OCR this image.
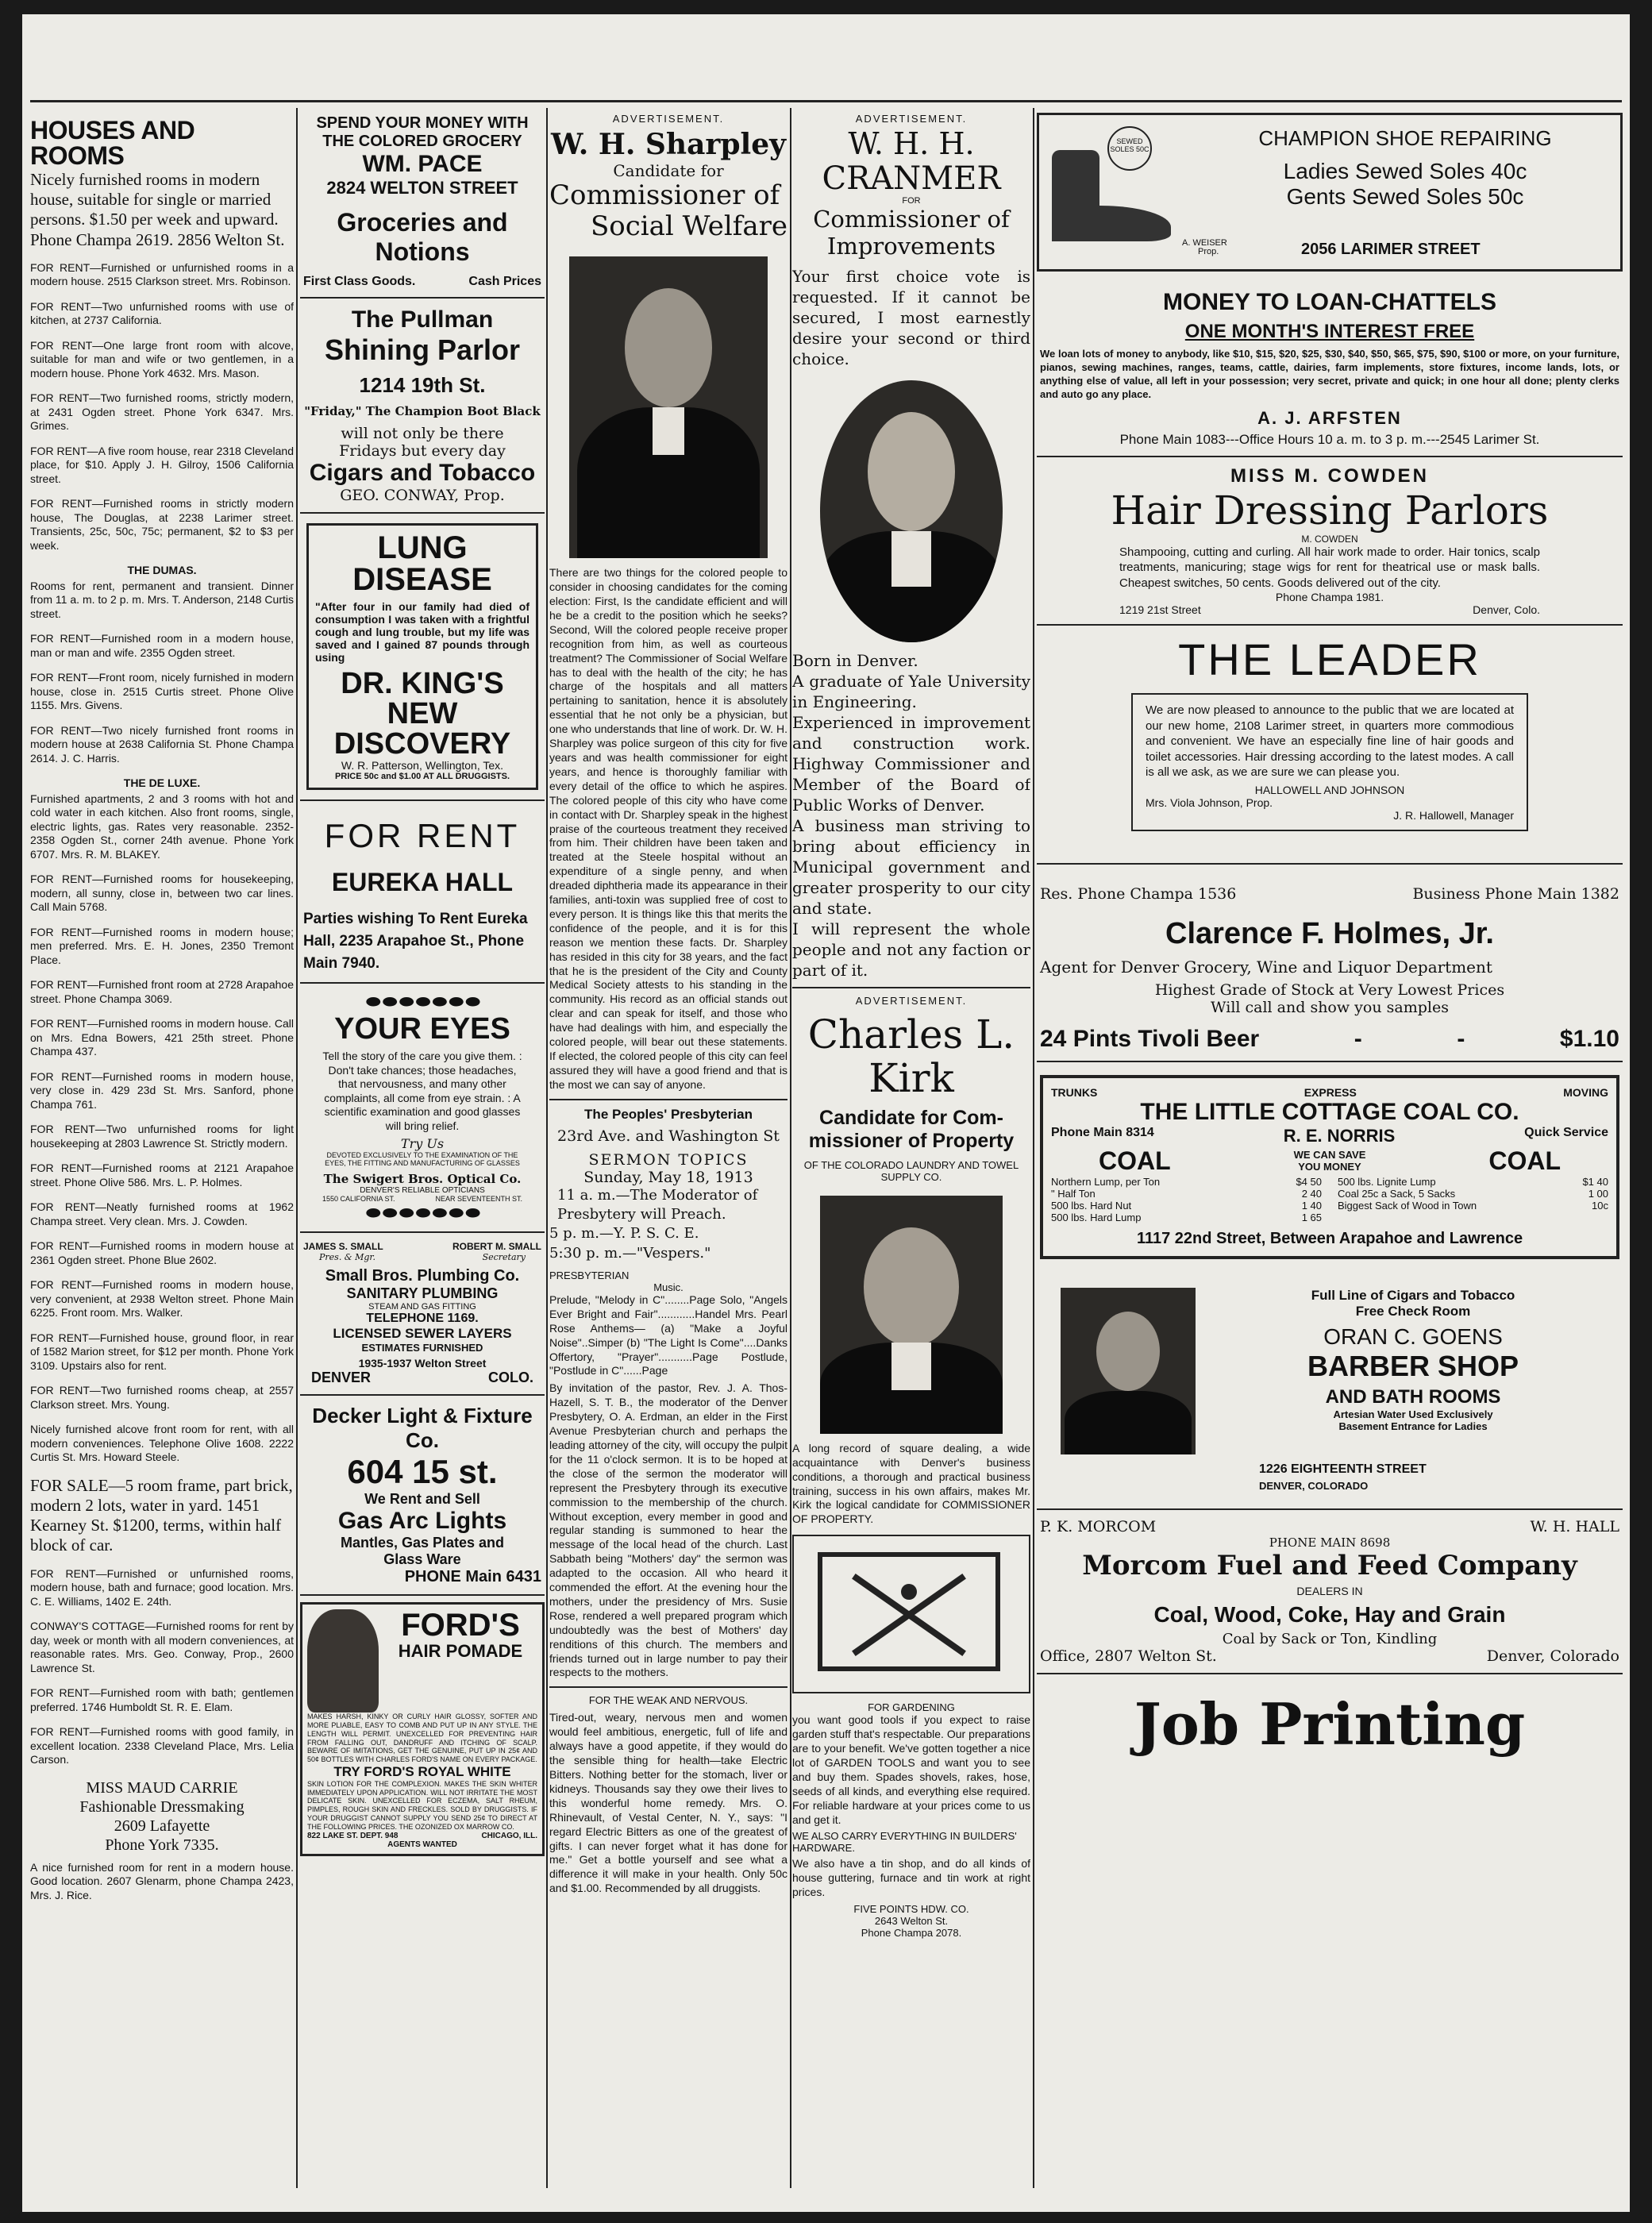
HOUSES AND ROOMS
Nicely furnished rooms in modern house, suitable for single or married persons. $1.50 per week and upward. Phone Champa 2619. 2856 Welton St.
FOR RENT—Furnished or unfurnished rooms in a modern house. 2515 Clarkson street. Mrs. Robinson.
FOR RENT—Two unfurnished rooms with use of kitchen, at 2737 California.
FOR RENT—One large front room with alcove, suitable for man and wife or two gentlemen, in a modern house. Phone York 4632. Mrs. Mason.
FOR RENT—Two furnished rooms, strictly modern, at 2431 Ogden street. Phone York 6347. Mrs. Grimes.
FOR RENT—A five room house, rear 2318 Cleveland place, for $10. Apply J. H. Gilroy, 1506 California street.
FOR RENT—Furnished rooms in strictly modern house, The Douglas, at 2238 Larimer street. Transients, 25c, 50c, 75c; permanent, $2 to $3 per week.
THE DUMAS.
Rooms for rent, permanent and transient. Dinner from 11 a. m. to 2 p. m. Mrs. T. Anderson, 2148 Curtis street.
FOR RENT—Furnished room in a modern house, man or man and wife. 2355 Ogden street.
FOR RENT—Front room, nicely furnished in modern house, close in. 2515 Curtis street. Phone Olive 1155. Mrs. Givens.
FOR RENT—Two nicely furnished front rooms in modern house at 2638 California St. Phone Champa 2614. J. C. Harris.
THE DE LUXE.
Furnished apartments, 2 and 3 rooms with hot and cold water in each kitchen. Also front rooms, single, electric lights, gas. Rates very reasonable. 2352-2358 Ogden St., corner 24th avenue. Phone York 6707. Mrs. R. M. BLAKEY.
FOR RENT—Furnished rooms for housekeeping, modern, all sunny, close in, between two car lines. Call Main 5768.
FOR RENT—Furnished rooms in modern house; men preferred. Mrs. E. H. Jones, 2350 Tremont Place.
FOR RENT—Furnished front room at 2728 Arapahoe street. Phone Champa 3069.
FOR RENT—Furnished rooms in modern house. Call on Mrs. Edna Bowers, 421 25th street. Phone Champa 437.
FOR RENT—Furnished rooms in modern house, very close in. 429 23d St. Mrs. Sanford, phone Champa 761.
FOR RENT—Two unfurnished rooms for light housekeeping at 2803 Lawrence St. Strictly modern.
FOR RENT—Furnished rooms at 2121 Arapahoe street. Phone Olive 586. Mrs. L. P. Holmes.
FOR RENT—Neatly furnished rooms at 1962 Champa street. Very clean. Mrs. J. Cowden.
FOR RENT—Furnished rooms in modern house at 2361 Ogden street. Phone Blue 2602.
FOR RENT—Furnished rooms in modern house, very convenient, at 2938 Welton street. Phone Main 6225. Front room. Mrs. Walker.
FOR RENT—Furnished house, ground floor, in rear of 1582 Marion street, for $12 per month. Phone York 3109. Upstairs also for rent.
FOR RENT—Two furnished rooms cheap, at 2557 Clarkson street. Mrs. Young.
Nicely furnished alcove front room for rent, with all modern conveniences. Telephone Olive 1608. 2222 Curtis St. Mrs. Howard Steele.
FOR SALE—5 room frame, part brick, modern 2 lots, water in yard. 1451 Kearney St. $1200, terms, within half block of car.
FOR RENT—Furnished or unfurnished rooms, modern house, bath and furnace; good location. Mrs. C. E. Williams, 1402 E. 24th.
CONWAY'S COTTAGE—Furnished rooms for rent by day, week or month with all modern conveniences, at reasonable rates. Mrs. Geo. Conway, Prop., 2600 Lawrence St.
FOR RENT—Furnished room with bath; gentlemen preferred. 1746 Humboldt St. R. E. Elam.
FOR RENT—Furnished rooms with good family, in excellent location. 2338 Cleveland Place, Mrs. Lelia Carson.
MISS MAUD CARRIE
Fashionable Dressmaking
2609 Lafayette
Phone York 7335.
A nice furnished room for rent in a modern house. Good location. 2607 Glenarm, phone Champa 2423, Mrs. J. Rice.
SPEND YOUR MONEY WITH
THE COLORED GROCERY
WM. PACE
2824 WELTON STREET
Groceries and
Notions
First Class Goods.	Cash Prices
The Pullman
Shining Parlor
1214 19th St.
"Friday," The Champion Boot Black
will not only be there
Fridays but every day
Cigars and Tobacco
GEO. CONWAY, Prop.
LUNG DISEASE
"After four in our family had died of consumption I was taken with a frightful cough and lung trouble, but my life was saved and I gained 87 pounds through using
DR. KING'S
NEW
DISCOVERY
W. R. Patterson, Wellington, Tex.
PRICE 50c and $1.00 AT ALL DRUGGISTS.
FOR RENT
EUREKA HALL
Parties wishing To Rent Eureka Hall, 2235 Arapahoe St., Phone Main 7940.
⬬ ⬬ ⬬ ⬬ ⬬ ⬬ ⬬
YOUR EYES
Tell the story of the care you give them. : Don't take chances; those headaches, that nervousness, and many other complaints, all come from eye strain. : A scientific examination and good glasses will bring relief.
Try Us
DEVOTED EXCLUSIVELY TO THE EXAMINATION OF THE EYES, THE FITTING AND MANUFACTURING OF GLASSES
The Swigert Bros. Optical Co.
DENVER'S RELIABLE OPTICIANS
1550 CALIFORNIA ST.	NEAR SEVENTEENTH ST.
⬬ ⬬ ⬬ ⬬ ⬬ ⬬ ⬬
JAMES S. SMALL	ROBERT M. SMALL
Pres. & Mgr.	Secretary
Small Bros. Plumbing Co.
SANITARY PLUMBING
STEAM AND GAS FITTING
TELEPHONE 1169.
LICENSED SEWER LAYERS
ESTIMATES FURNISHED
1935-1937 Welton Street
DENVER	COLO.
Decker Light & Fixture
Co.
604 15 st.
We Rent and Sell
Gas Arc Lights
Mantles, Gas Plates and
Glass Ware
PHONE Main 6431
FORD'S
HAIR POMADE
MAKES HARSH, KINKY OR CURLY HAIR GLOSSY, SOFTER AND MORE PLIABLE, EASY TO COMB AND PUT UP IN ANY STYLE. THE LENGTH WILL PERMIT. UNEXCELLED FOR PREVENTING HAIR FROM FALLING OUT, DANDRUFF AND ITCHING OF SCALP. BEWARE OF IMITATIONS, GET THE GENUINE, PUT UP IN 25¢ AND 50¢ BOTTLES WITH CHARLES FORD'S NAME ON EVERY PACKAGE.
TRY FORD'S ROYAL WHITE
SKIN LOTION FOR THE COMPLEXION. MAKES THE SKIN WHITER IMMEDIATELY UPON APPLICATION. WILL NOT IRRITATE THE MOST DELICATE SKIN. UNEXCELLED FOR ECZEMA, SALT RHEUM, PIMPLES, ROUGH SKIN AND FRECKLES. SOLD BY DRUGGISTS. IF YOUR DRUGGIST CANNOT SUPPLY YOU SEND 25¢ TO DIRECT AT THE FOLLOWING PRICES. THE OZONIZED OX MARROW CO.
822 LAKE ST. DEPT. 948	CHICAGO, ILL.
AGENTS WANTED
ADVERTISEMENT.
W. H. Sharpley
Candidate for
Commissioner of
Social Welfare
There are two things for the colored people to consider in choosing candidates for the coming election: First, Is the candidate efficient and will he be a credit to the position which he seeks? Second, Will the colored people receive proper recognition from him, as well as courteous treatment? The Commissioner of Social Welfare has to deal with the health of the city; he has charge of the hospitals and all matters pertaining to sanitation, hence it is absolutely essential that he not only be a physician, but one who understands that line of work. Dr. W. H. Sharpley was police surgeon of this city for five years and was health commissioner for eight years, and hence is thoroughly familiar with every detail of the office to which he aspires. The colored people of this city who have come in contact with Dr. Sharpley speak in the highest praise of the courteous treatment they received from him. Their children have been taken and treated at the Steele hospital without an expenditure of a single penny, and when dreaded diphtheria made its appearance in their families, anti-toxin was supplied free of cost to every person. It is things like this that merits the confidence of the people, and it is for this reason we mention these facts. Dr. Sharpley has resided in this city for 38 years, and the fact that he is the president of the City and County Medical Society attests to his standing in the community. His record as an official stands out clear and can speak for itself, and those who have had dealings with him, and especially the colored people, will bear out these statements. If elected, the colored people of this city can feel assured they will have a good friend and that is the most we can say of anyone.
The Peoples' Presbyterian
23rd Ave. and Washington St
SERMON TOPICS
Sunday, May 18, 1913
11 a. m.—The Moderator of Presbytery will Preach.
5 p. m.—Y. P. S. C. E.
5:30 p. m.—"Vespers."
PRESBYTERIAN
Music.
Prelude, "Melody in C"........Page Solo, "Angels Ever Bright and Fair"............Handel Mrs. Pearl Rose Anthems— (a) "Make a Joyful Noise"..Simper (b) "The Light Is Come"....Danks Offertory, "Prayer"...........Page Postlude, "Postlude in C"......Page
By invitation of the pastor, Rev. J. A. Thos-Hazell, S. T. B., the moderator of the Denver Presbytery, O. A. Erdman, an elder in the First Avenue Presbyterian church and perhaps the leading attorney of the city, will occupy the pulpit for the 11 o'clock sermon. It is to be hoped at the close of the sermon the moderator will represent the Presbytery through its executive commission to the membership of the church. Without exception, every member in good and regular standing is summoned to hear the message of the local head of the church. Last Sabbath being "Mothers' day" the sermon was adapted to the occasion. All who heard it commended the effort. At the evening hour the mothers, under the presidency of Mrs. Susie Rose, rendered a well prepared program which undoubtedly was the best of Mothers' day renditions of this church. The members and friends turned out in large number to pay their respects to the mothers.
FOR THE WEAK AND NERVOUS.
Tired-out, weary, nervous men and women would feel ambitious, energetic, full of life and always have a good appetite, if they would do the sensible thing for health—take Electric Bitters. Nothing better for the stomach, liver or kidneys. Thousands say they owe their lives to this wonderful home remedy. Mrs. O. Rhinevault, of Vestal Center, N. Y., says: "I regard Electric Bitters as one of the greatest of gifts. I can never forget what it has done for me." Get a bottle yourself and see what a difference it will make in your health. Only 50c and $1.00. Recommended by all druggists.
ADVERTISEMENT.
W. H. H.
CRANMER
FOR
Commissioner of
Improvements
Your first choice vote is requested. If it cannot be secured, I most earnestly desire your second or third choice.

Born in Denver.

A graduate of Yale University in Engineering.

Experienced in improvement and construction work. Highway Commissioner and Member of the Board of Public Works of Denver.

A business man striving to bring about efficiency in Municipal government and greater prosperity to our city and state.

I will represent the whole people and not any faction or part of it.

ADVERTISEMENT.
Charles L.
Kirk
Candidate for Com-
missioner of Property
OF THE COLORADO LAUNDRY AND TOWEL SUPPLY CO.
A long record of square dealing, a wide acquaintance with Denver's business conditions, a thorough and practical business training, success in his own affairs, makes Mr. Kirk the logical candidate for COMMISSIONER OF PROPERTY.
FOR GARDENING
you want good tools if you expect to raise garden stuff that's respectable. Our preparations are to your benefit. We've gotten together a nice lot of GARDEN TOOLS and want you to see and buy them. Spades shovels, rakes, hose, seeds of all kinds, and everything else required. For reliable hardware at your prices come to us and get it.
WE ALSO CARRY EVERYTHING IN BUILDERS' HARDWARE.
We also have a tin shop, and do all kinds of house guttering, furnace and tin work at right prices.
FIVE POINTS HDW. CO.
2643 Welton St.
Phone Champa 2078.
SEWED SOLES 50C	CHAMPION SHOE REPAIRING
Ladies Sewed Soles 40c
Gents Sewed Soles 50c
A. WEISER
Prop.	2056 LARIMER STREET
MONEY TO LOAN-CHATTELS
ONE MONTH'S INTEREST FREE
We loan lots of money to anybody, like $10, $15, $20, $25, $30, $40, $50, $65, $75, $90, $100 or more, on your furniture, pianos, sewing machines, ranges, teams, cattle, dairies, farm implements, store fixtures, income lands, lots, or anything else of value, all left in your possession; very secret, private and quick; in one hour all done; plenty clerks and auto go any place.
A. J. ARFSTEN
Phone Main 1083---Office Hours 10 a. m. to 3 p. m.---2545 Larimer St.
MISS M. COWDEN
Hair Dressing Parlors
M. COWDEN
Shampooing, cutting and curling. All hair work made to order. Hair tonics, scalp treatments, manicuring; stage wigs for rent for theatrical use or mask balls. Cheapest switches, 50 cents. Goods delivered out of the city.
Phone Champa 1981.
1219 21st Street	Denver, Colo.
THE LEADER
We are now pleased to announce to the public that we are located at our new home, 2108 Larimer street, in quarters more commodious and convenient. We have an especially fine line of hair goods and toilet accessories. Hair dressing according to the latest modes. A call is all we ask, as we are sure we can please you.
HALLOWELL AND JOHNSON
Mrs. Viola Johnson, Prop.
J. R. Hallowell, Manager
Res. Phone Champa 1536	Business Phone Main 1382
Clarence F. Holmes, Jr.
Agent for Denver Grocery, Wine and Liquor Department
Highest Grade of Stock at Very Lowest Prices
Will call and show you samples
24 Pints Tivoli Beer	-	-	$1.10
TRUNKS	EXPRESS	MOVING
THE LITTLE COTTAGE COAL CO.
Phone Main 8314	R. E. NORRIS	Quick Service
COAL	WE CAN SAVE YOU MONEY	COAL
Northern Lump, per Ton	$4 50
" Half Ton	2 40
500 lbs. Hard Nut	1 40
500 lbs. Hard Lump	1 65
500 lbs. Lignite Lump	$1 40
Coal 25c a Sack, 5 Sacks	1 00
Biggest Sack of Wood in Town	10c
1117 22nd Street, Between Arapahoe and Lawrence
Full Line of Cigars and Tobacco
Free Check Room
ORAN C. GOENS
BARBER SHOP
AND BATH ROOMS
Artesian Water Used Exclusively
Basement Entrance for Ladies
1226 EIGHTEENTH STREET
DENVER, COLORADO
P. K. MORCOM	W. H. HALL
PHONE MAIN 8698
Morcom Fuel and Feed Company
DEALERS IN
Coal, Wood, Coke, Hay and Grain
Coal by Sack or Ton, Kindling
Office, 2807 Welton St.	Denver, Colorado
Job Printing
